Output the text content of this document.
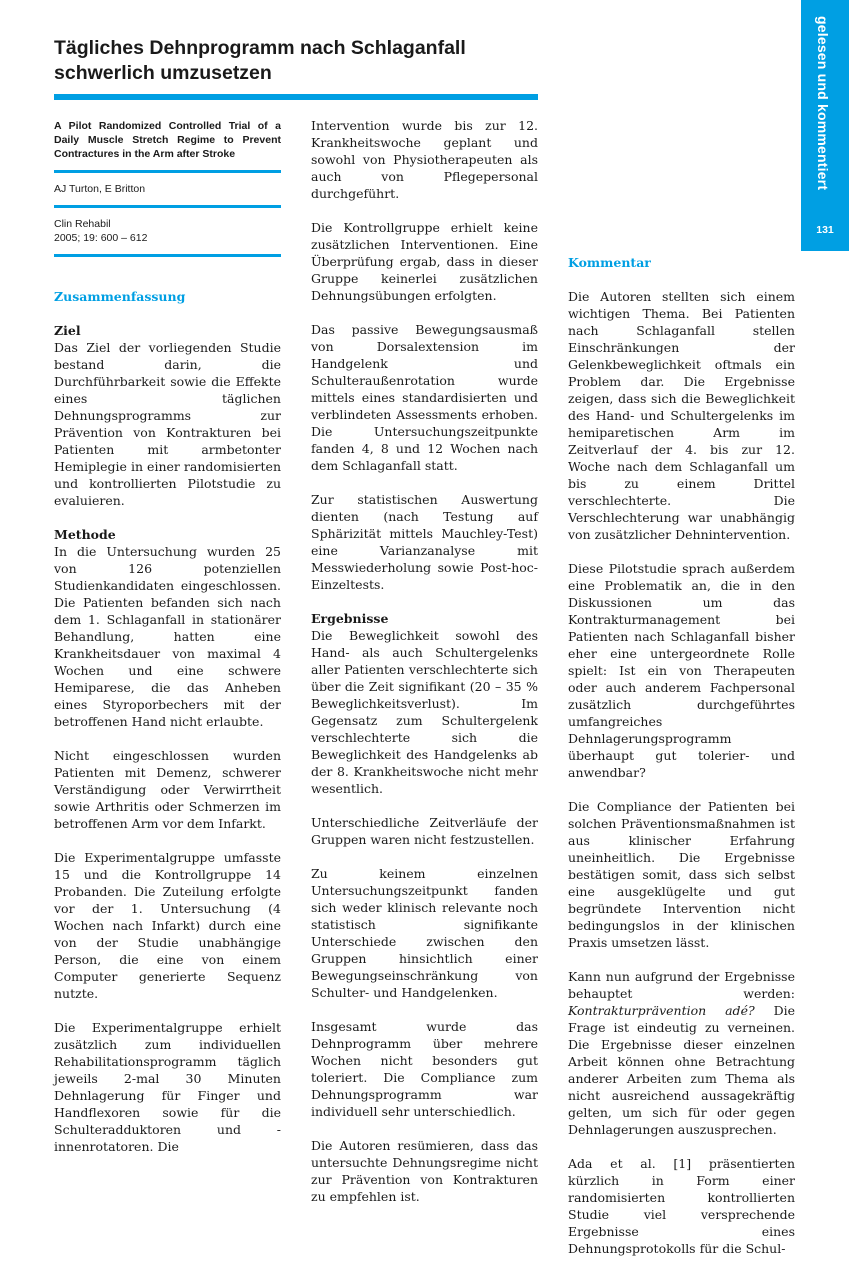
gelesen und kommentiert
131
Tägliches Dehnprogramm nach Schlaganfall
schwerlich umzusetzen
A Pilot Randomized Controlled Trial of a Daily Muscle Stretch Regime to Prevent Contractures in the Arm after Stroke
AJ Turton, E Britton
Clin Rehabil
2005; 19: 600 – 612
Zusammenfassung
Ziel

Das Ziel der vorliegenden Studie bestand darin, die Durchführbarkeit sowie die Effekte eines täglichen Dehnungsprogramms zur Prävention von Kontrakturen bei Patienten mit armbetonter Hemiplegie in einer randomisierten und kontrollierten Pilotstudie zu evaluieren.

Methode

In die Untersuchung wurden 25 von 126 potenziellen Studienkandidaten eingeschlossen. Die Patienten befanden sich nach dem 1. Schlaganfall in stationärer Behandlung, hatten eine Krankheitsdauer von maximal 4 Wochen und eine schwere Hemiparese, die das Anheben eines Styroporbechers mit der betroffenen Hand nicht erlaubte.

Nicht eingeschlossen wurden Patienten mit Demenz, schwerer Verständigung oder Verwirrtheit sowie Arthritis oder Schmerzen im betroffenen Arm vor dem Infarkt.

Die Experimentalgruppe umfasste 15 und die Kontrollgruppe 14 Probanden. Die Zuteilung erfolgte vor der 1. Untersuchung (4 Wochen nach Infarkt) durch eine von der Studie unabhängige Person, die eine von einem Computer generierte Sequenz nutzte.

Die Experimentalgruppe erhielt zusätzlich zum individuellen Rehabilitationsprogramm täglich jeweils 2-mal 30 Minuten Dehnlagerung für Finger und Handflexoren sowie für die Schulteradduktoren und -innenrotatoren. Die

Intervention wurde bis zur 12. Krankheitswoche geplant und sowohl von Physiotherapeuten als auch von Pflegepersonal durchgeführt.

Die Kontrollgruppe erhielt keine zusätzlichen Interventionen. Eine Überprüfung ergab, dass in dieser Gruppe keinerlei zusätzlichen Dehnungsübungen erfolgten.

Das passive Bewegungsausmaß von Dorsalextension im Handgelenk und Schulteraußenrotation wurde mittels eines standardisierten und verblindeten Assessments erhoben. Die Untersuchungszeitpunkte fanden 4, 8 und 12 Wochen nach dem Schlaganfall statt.

Zur statistischen Auswertung dienten (nach Testung auf Sphärizität mittels Mauchley-Test) eine Varianzanalyse mit Messwiederholung sowie Post-hoc-Einzeltests.

Ergebnisse

Die Beweglichkeit sowohl des Hand- als auch Schultergelenks aller Patienten verschlechterte sich über die Zeit signifikant (20 – 35 % Beweglichkeitsverlust). Im Gegensatz zum Schultergelenk verschlechterte sich die Beweglichkeit des Handgelenks ab der 8. Krankheitswoche nicht mehr wesentlich.

Unterschiedliche Zeitverläufe der Gruppen waren nicht festzustellen.

Zu keinem einzelnen Untersuchungszeitpunkt fanden sich weder klinisch relevante noch statistisch signifikante Unterschiede zwischen den Gruppen hinsichtlich einer Bewegungseinschränkung von Schulter- und Handgelenken.

Insgesamt wurde das Dehnprogramm über mehrere Wochen nicht besonders gut toleriert. Die Compliance zum Dehnungsprogramm war individuell sehr unterschiedlich.

Die Autoren resümieren, dass das untersuchte Dehnungsregime nicht zur Prävention von Kontrakturen zu empfehlen ist.

Kommentar

Die Autoren stellten sich einem wichtigen Thema. Bei Patienten nach Schlaganfall stellen Einschränkungen der Gelenkbeweglichkeit oftmals ein Problem dar. Die Ergebnisse zeigen, dass sich die Beweglichkeit des Hand- und Schultergelenks im hemiparetischen Arm im Zeitverlauf der 4. bis zur 12. Woche nach dem Schlaganfall um bis zu einem Drittel verschlechterte. Die Verschlechterung war unabhängig von zusätzlicher Dehnintervention.

Diese Pilotstudie sprach außerdem eine Problematik an, die in den Diskussionen um das Kontrakturmanagement bei Patienten nach Schlaganfall bisher eher eine untergeordnete Rolle spielt: Ist ein von Therapeuten oder auch anderem Fachpersonal zusätzlich durchgeführtes umfangreiches Dehnlagerungsprogramm überhaupt gut tolerier- und anwendbar?

Die Compliance der Patienten bei solchen Präventionsmaßnahmen ist aus klinischer Erfahrung uneinheitlich. Die Ergebnisse bestätigen somit, dass sich selbst eine ausgeklügelte und gut begründete Intervention nicht bedingungslos in der klinischen Praxis umsetzen lässt.

Kann nun aufgrund der Ergebnisse behauptet werden: Kontrakturprävention adé? Die Frage ist eindeutig zu verneinen. Die Ergebnisse dieser einzelnen Arbeit können ohne Betrachtung anderer Arbeiten zum Thema als nicht ausreichend aussagekräftig gelten, um sich für oder gegen Dehnlagerungen auszusprechen.

Ada et al. [1] präsentierten kürzlich in Form einer randomisierten kontrollierten Studie viel versprechende Ergebnisse eines Dehnungsprotokolls für die Schul-
